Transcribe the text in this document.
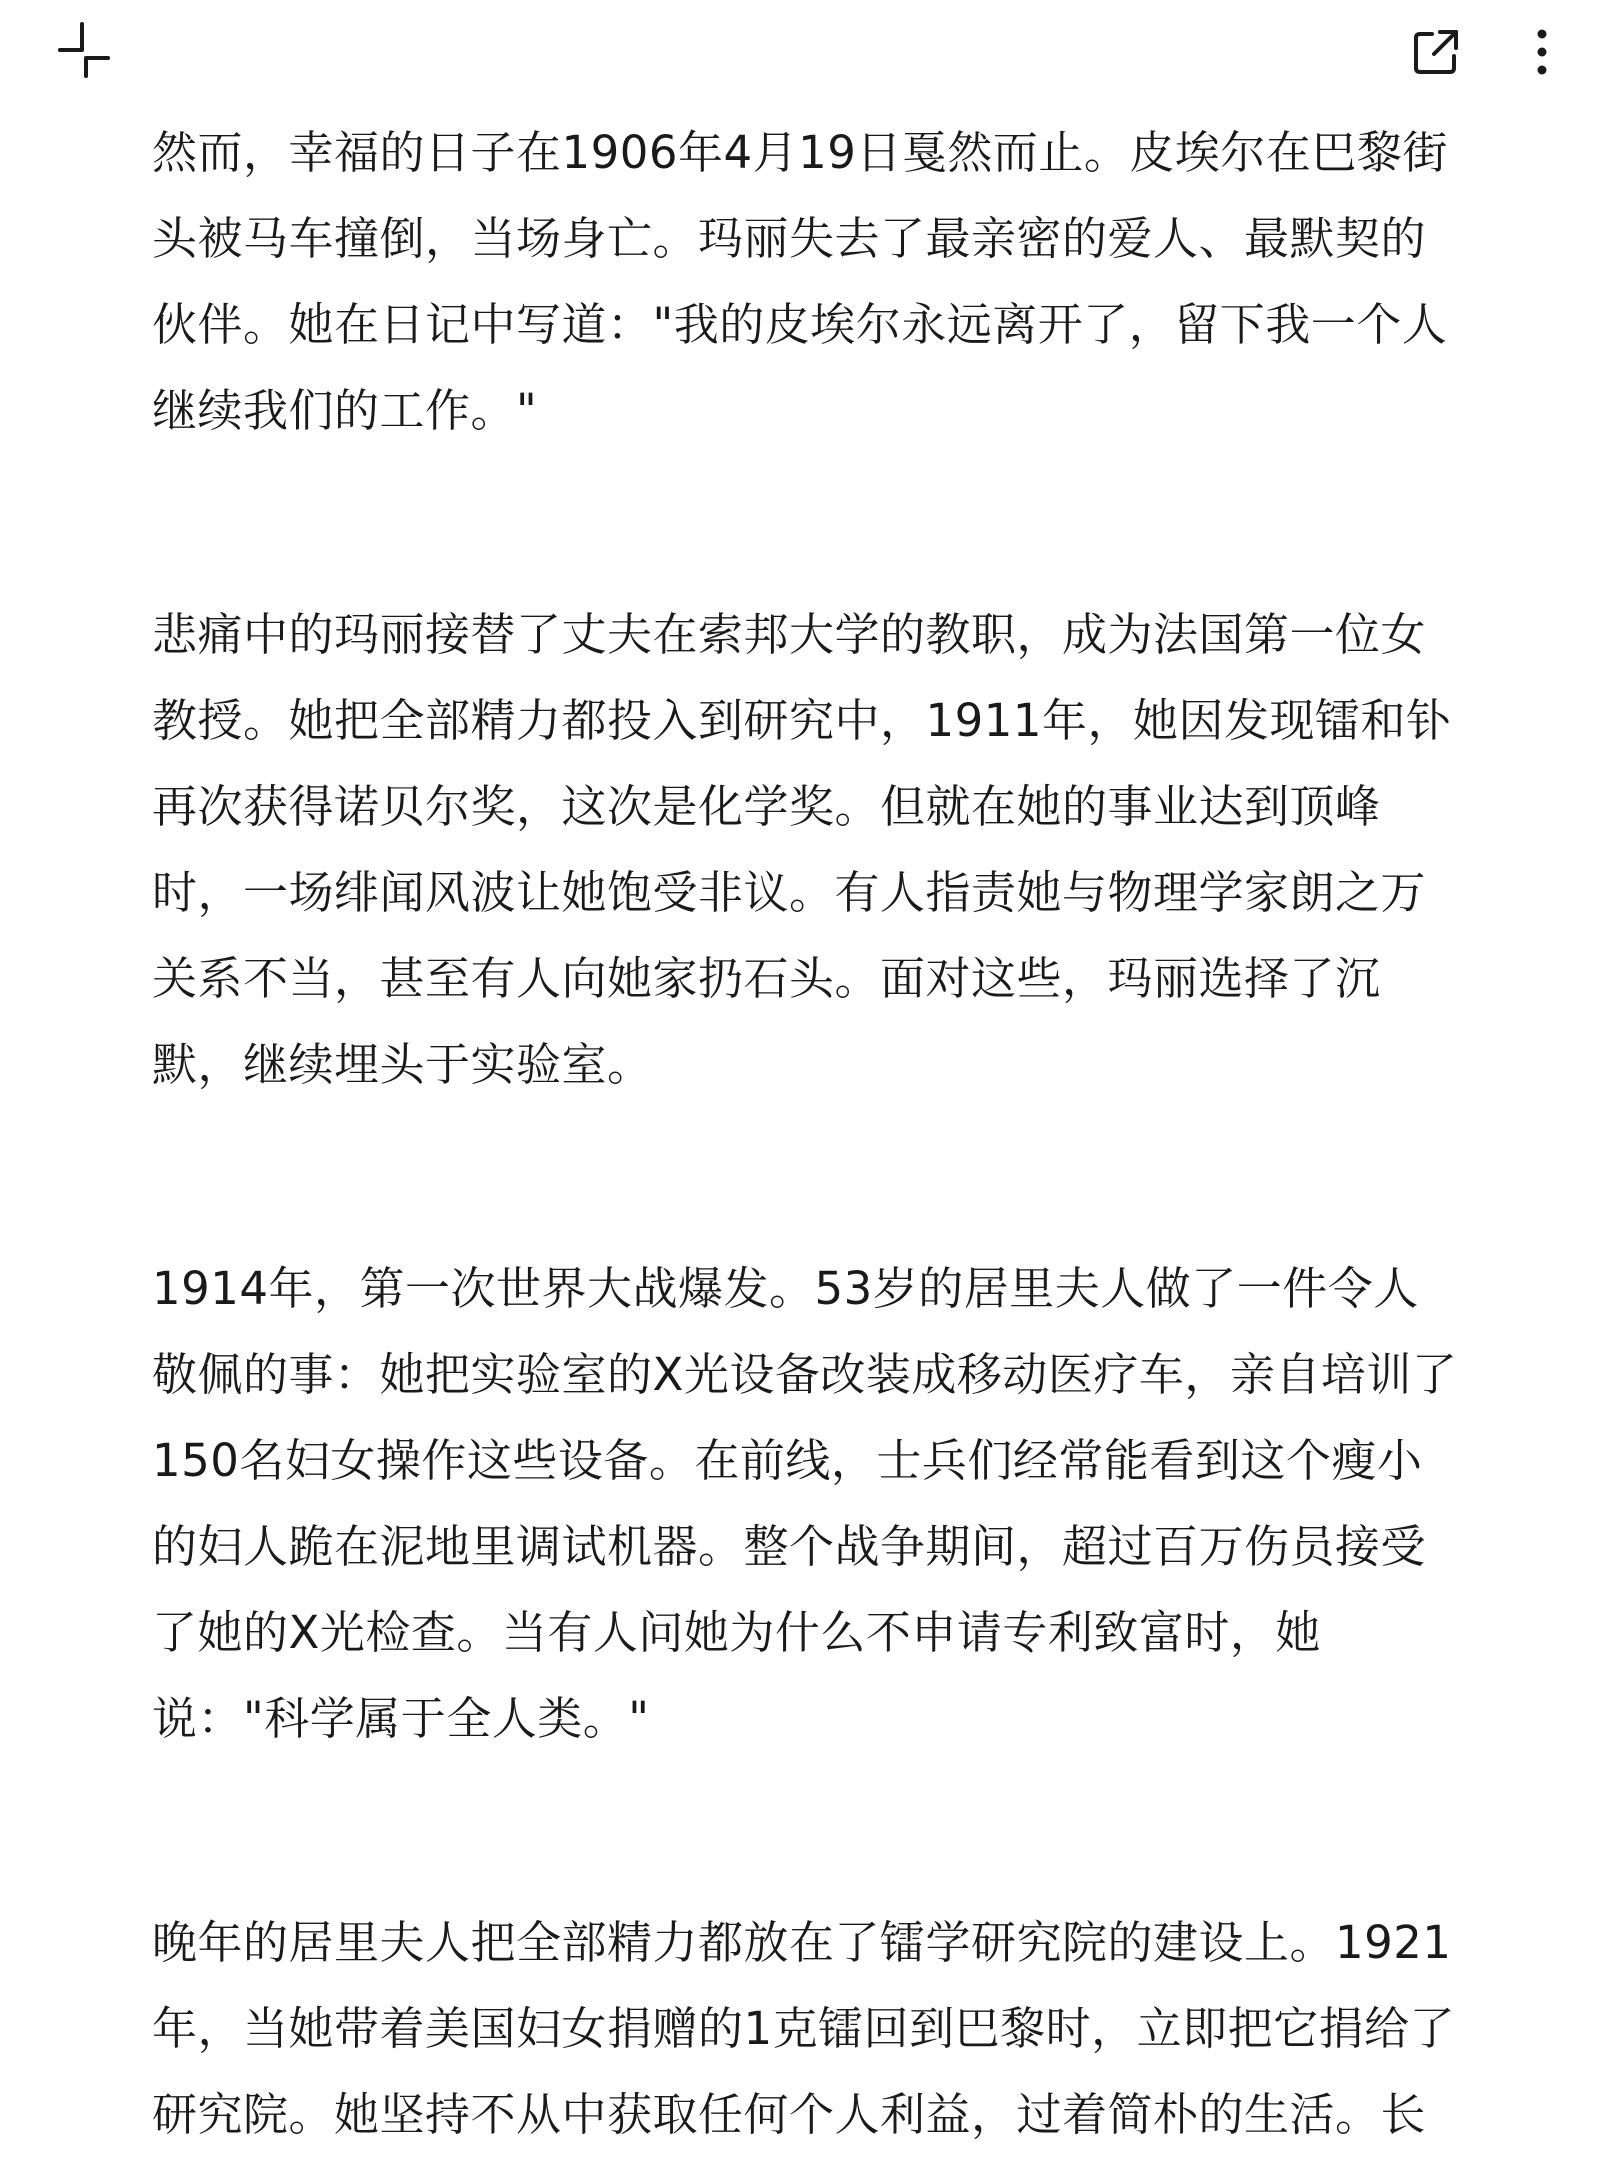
然而，幸福的日子在1906年4月19日戛然而止。皮埃尔在巴黎街头被马车撞倒，当场身亡。玛丽失去了最亲密的爱人、最默契的伙伴。她在日记中写道："我的皮埃尔永远离开了，留下我一个人继续我们的工作。"

悲痛中的玛丽接替了丈夫在索邦大学的教职，成为法国第一位女教授。她把全部精力都投入到研究中，1911年，她因发现镭和钋再次获得诺贝尔奖，这次是化学奖。但就在她的事业达到顶峰时，一场绯闻风波让她饱受非议。有人指责她与物理学家朗之万关系不当，甚至有人向她家扔石头。面对这些，玛丽选择了沉默，继续埋头于实验室。

1914年，第一次世界大战爆发。53岁的居里夫人做了一件令人敬佩的事：她把实验室的X光设备改装成移动医疗车，亲自培训了150名妇女操作这些设备。在前线，士兵们经常能看到这个瘦小的妇人跪在泥地里调试机器。整个战争期间，超过百万伤员接受了她的X光检查。当有人问她为什么不申请专利致富时，她说："科学属于全人类。"

晚年的居里夫人把全部精力都放在了镭学研究院的建设上。1921年，当她带着美国妇女捐赠的1克镭回到巴黎时，立即把它捐给了研究院。她坚持不从中获取任何个人利益，过着简朴的生活。长
